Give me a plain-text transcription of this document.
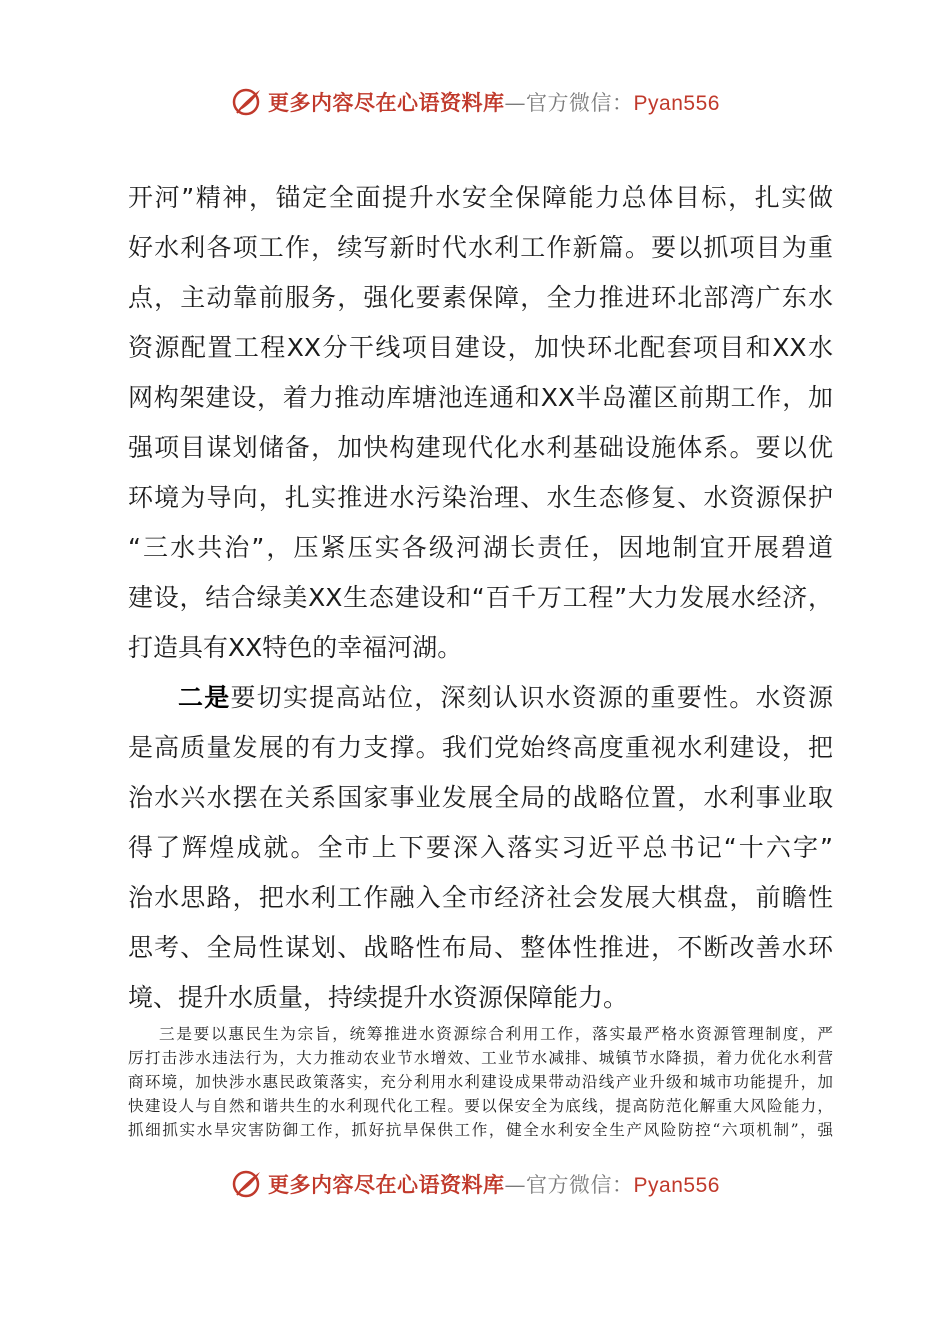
更多内容尽在心语资料库—官方微信：Pyan556
开河”精神，锚定全面提升水安全保障能力总体目标，扎实做
好水利各项工作，续写新时代水利工作新篇。要以抓项目为重
点，主动靠前服务，强化要素保障，全力推进环北部湾广东水
资源配置工程XX分干线项目建设，加快环北配套项目和XX水
网构架建设，着力推动库塘池连通和XX半岛灌区前期工作，加
强项目谋划储备，加快构建现代化水利基础设施体系。要以优
环境为导向，扎实推进水污染治理、水生态修复、水资源保护
“三水共治”，压紧压实各级河湖长责任，因地制宜开展碧道
建设，结合绿美XX生态建设和“百千万工程”大力发展水经济，
打造具有XX特色的幸福河湖。
二是要切实提高站位，深刻认识水资源的重要性。水资源
是高质量发展的有力支撑。我们党始终高度重视水利建设，把
治水兴水摆在关系国家事业发展全局的战略位置，水利事业取
得了辉煌成就。全市上下要深入落实习近平总书记“十六字”
治水思路，把水利工作融入全市经济社会发展大棋盘，前瞻性
思考、全局性谋划、战略性布局、整体性推进，不断改善水环
境、提升水质量，持续提升水资源保障能力。
三是要以惠民生为宗旨，统筹推进水资源综合利用工作，落实最严格水资源管理制度，严
厉打击涉水违法行为，大力推动农业节水增效、工业节水减排、城镇节水降损，着力优化水利营
商环境，加快涉水惠民政策落实，充分利用水利建设成果带动沿线产业升级和城市功能提升，加
快建设人与自然和谐共生的水利现代化工程。要以保安全为底线，提高防范化解重大风险能力，
抓细抓实水旱灾害防御工作，抓好抗旱保供工作，健全水利安全生产风险防控“六项机制”，强
更多内容尽在心语资料库—官方微信：Pyan556
